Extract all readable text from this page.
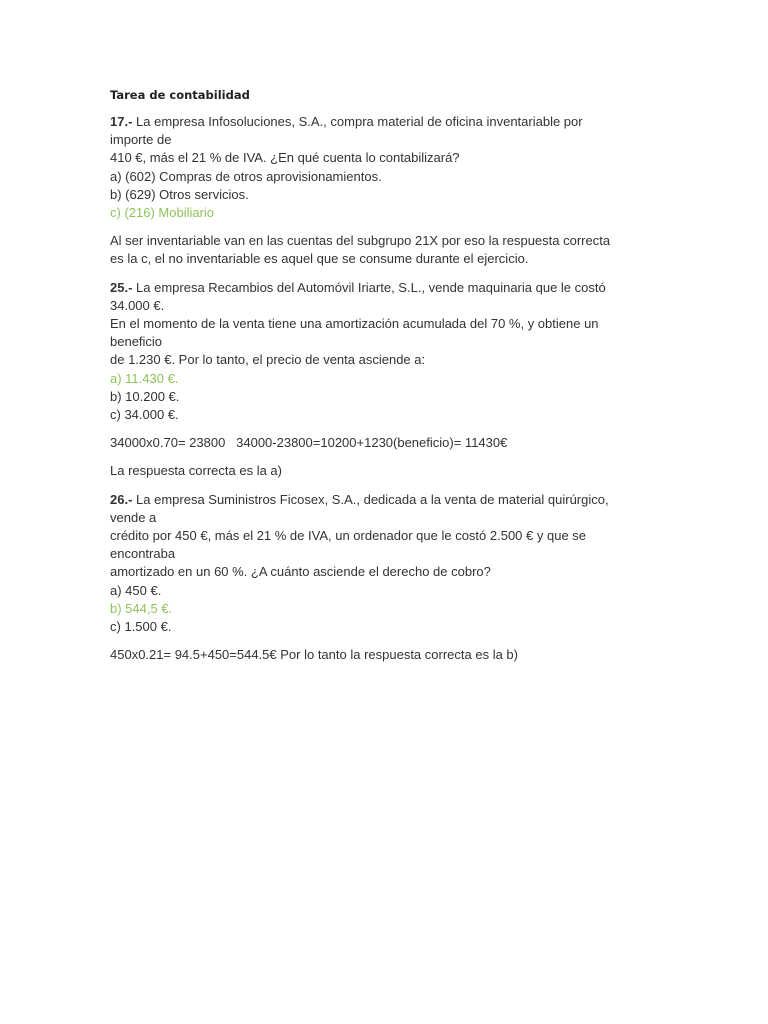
Tarea de contabilidad
17.- La empresa Infosoluciones, S.A., compra material de oficina inventariable por
importe de
410 €, más el 21 % de IVA. ¿En qué cuenta lo contabilizará?
a) (602) Compras de otros aprovisionamientos.
b) (629) Otros servicios.
c) (216) Mobiliario
Al ser inventariable van en las cuentas del subgrupo 21X por eso la respuesta correcta
es la c, el no inventariable es aquel que se consume durante el ejercicio.
25.- La empresa Recambios del Automóvil Iriarte, S.L., vende maquinaria que le costó
34.000 €.
En el momento de la venta tiene una amortización acumulada del 70 %, y obtiene un
beneficio
de 1.230 €. Por lo tanto, el precio de venta asciende a:
a) 11.430 €.
b) 10.200 €.
c) 34.000 €.
34000x0.70= 23800   34000-23800=10200+1230(beneficio)= 11430€
La respuesta correcta es la a)
26.- La empresa Suministros Ficosex, S.A., dedicada a la venta de material quirúrgico,
vende a
crédito por 450 €, más el 21 % de IVA, un ordenador que le costó 2.500 € y que se
encontraba
amortizado en un 60 %. ¿A cuánto asciende el derecho de cobro?
a) 450 €.
b) 544,5 €.
c) 1.500 €.
450x0.21= 94.5+450=544.5€ Por lo tanto la respuesta correcta es la b)
